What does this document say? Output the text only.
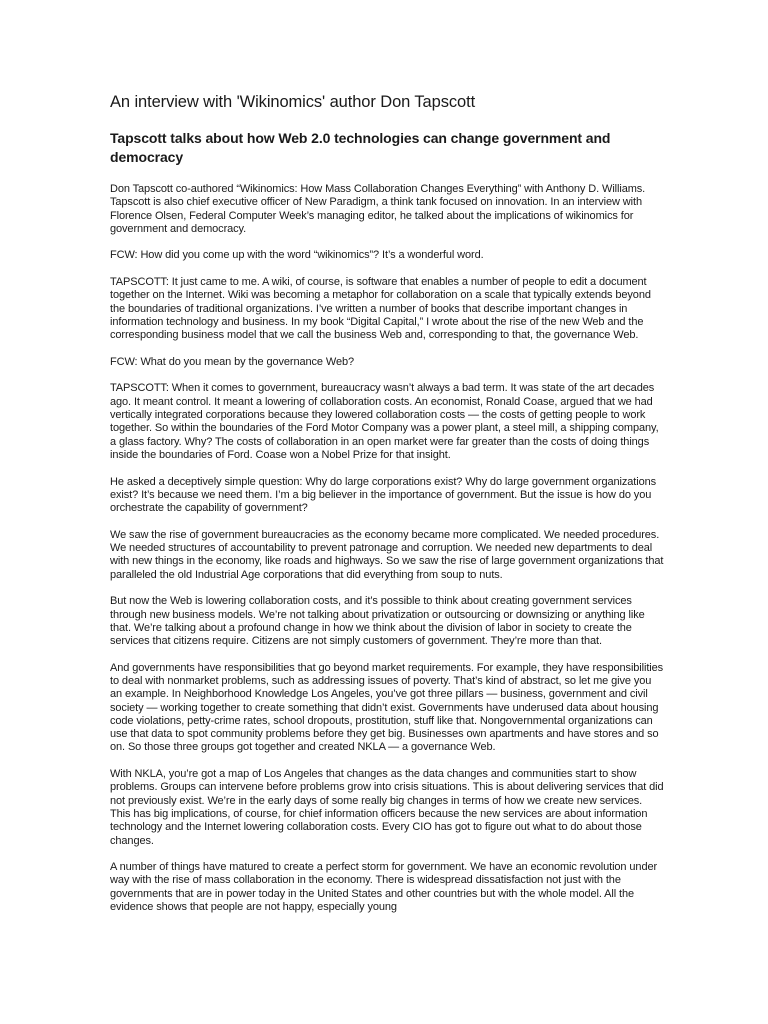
An interview with 'Wikinomics' author Don Tapscott
Tapscott talks about how Web 2.0 technologies can change government and democracy

Don Tapscott co-authored “Wikinomics: How Mass Collaboration Changes Everything” with Anthony D. Williams. Tapscott is also chief executive officer of New Paradigm, a think tank focused on innovation. In an interview with Florence Olsen, Federal Computer Week’s managing editor, he talked about the implications of wikinomics for government and democracy.

FCW: How did you come up with the word “wikinomics”? It’s a wonderful word.

TAPSCOTT: It just came to me. A wiki, of course, is software that enables a number of people to edit a document together on the Internet. Wiki was becoming a metaphor for collaboration on a scale that typically extends beyond the boundaries of traditional organizations. I’ve written a number of books that describe important changes in information technology and business. In my book “Digital Capital,” I wrote about the rise of the new Web and the corresponding business model that we call the business Web and, corresponding to that, the governance Web.

FCW: What do you mean by the governance Web?

TAPSCOTT: When it comes to government, bureaucracy wasn’t always a bad term. It was state of the art decades ago. It meant control. It meant a lowering of collaboration costs. An economist, Ronald Coase, argued that we had vertically integrated corporations because they lowered collaboration costs — the costs of getting people to work together. So within the boundaries of the Ford Motor Company was a power plant, a steel mill, a shipping company, a glass factory. Why? The costs of collaboration in an open market were far greater than the costs of doing things inside the boundaries of Ford. Coase won a Nobel Prize for that insight.

He asked a deceptively simple question: Why do large corporations exist? Why do large government organizations exist? It’s because we need them. I’m a big believer in the importance of government. But the issue is how do you orchestrate the capability of government?

We saw the rise of government bureaucracies as the economy became more complicated. We needed procedures. We needed structures of accountability to prevent patronage and corruption. We needed new departments to deal with new things in the economy, like roads and highways. So we saw the rise of large government organizations that paralleled the old Industrial Age corporations that did everything from soup to nuts.

But now the Web is lowering collaboration costs, and it’s possible to think about creating government services through new business models. We’re not talking about privatization or outsourcing or downsizing or anything like that. We’re talking about a profound change in how we think about the division of labor in society to create the services that citizens require. Citizens are not simply customers of government. They’re more than that.

And governments have responsibilities that go beyond market requirements. For example, they have responsibilities to deal with nonmarket problems, such as addressing issues of poverty. That’s kind of abstract, so let me give you an example. In Neighborhood Knowledge Los Angeles, you’ve got three pillars — business, government and civil society — working together to create something that didn’t exist. Governments have underused data about housing code violations, petty-crime rates, school dropouts, prostitution, stuff like that. Nongovernmental organizations can use that data to spot community problems before they get big. Businesses own apartments and have stores and so on. So those three groups got together and created NKLA — a governance Web.

With NKLA, you’re got a map of Los Angeles that changes as the data changes and communities start to show problems. Groups can intervene before problems grow into crisis situations. This is about delivering services that did not previously exist. We’re in the early days of some really big changes in terms of how we create new services. This has big implications, of course, for chief information officers because the new services are about information technology and the Internet lowering collaboration costs. Every CIO has got to figure out what to do about those changes.

A number of things have matured to create a perfect storm for government. We have an economic revolution under way with the rise of mass collaboration in the economy. There is widespread dissatisfaction not just with the governments that are in power today in the United States and other countries but with the whole model. All the evidence shows that people are not happy, especially young
